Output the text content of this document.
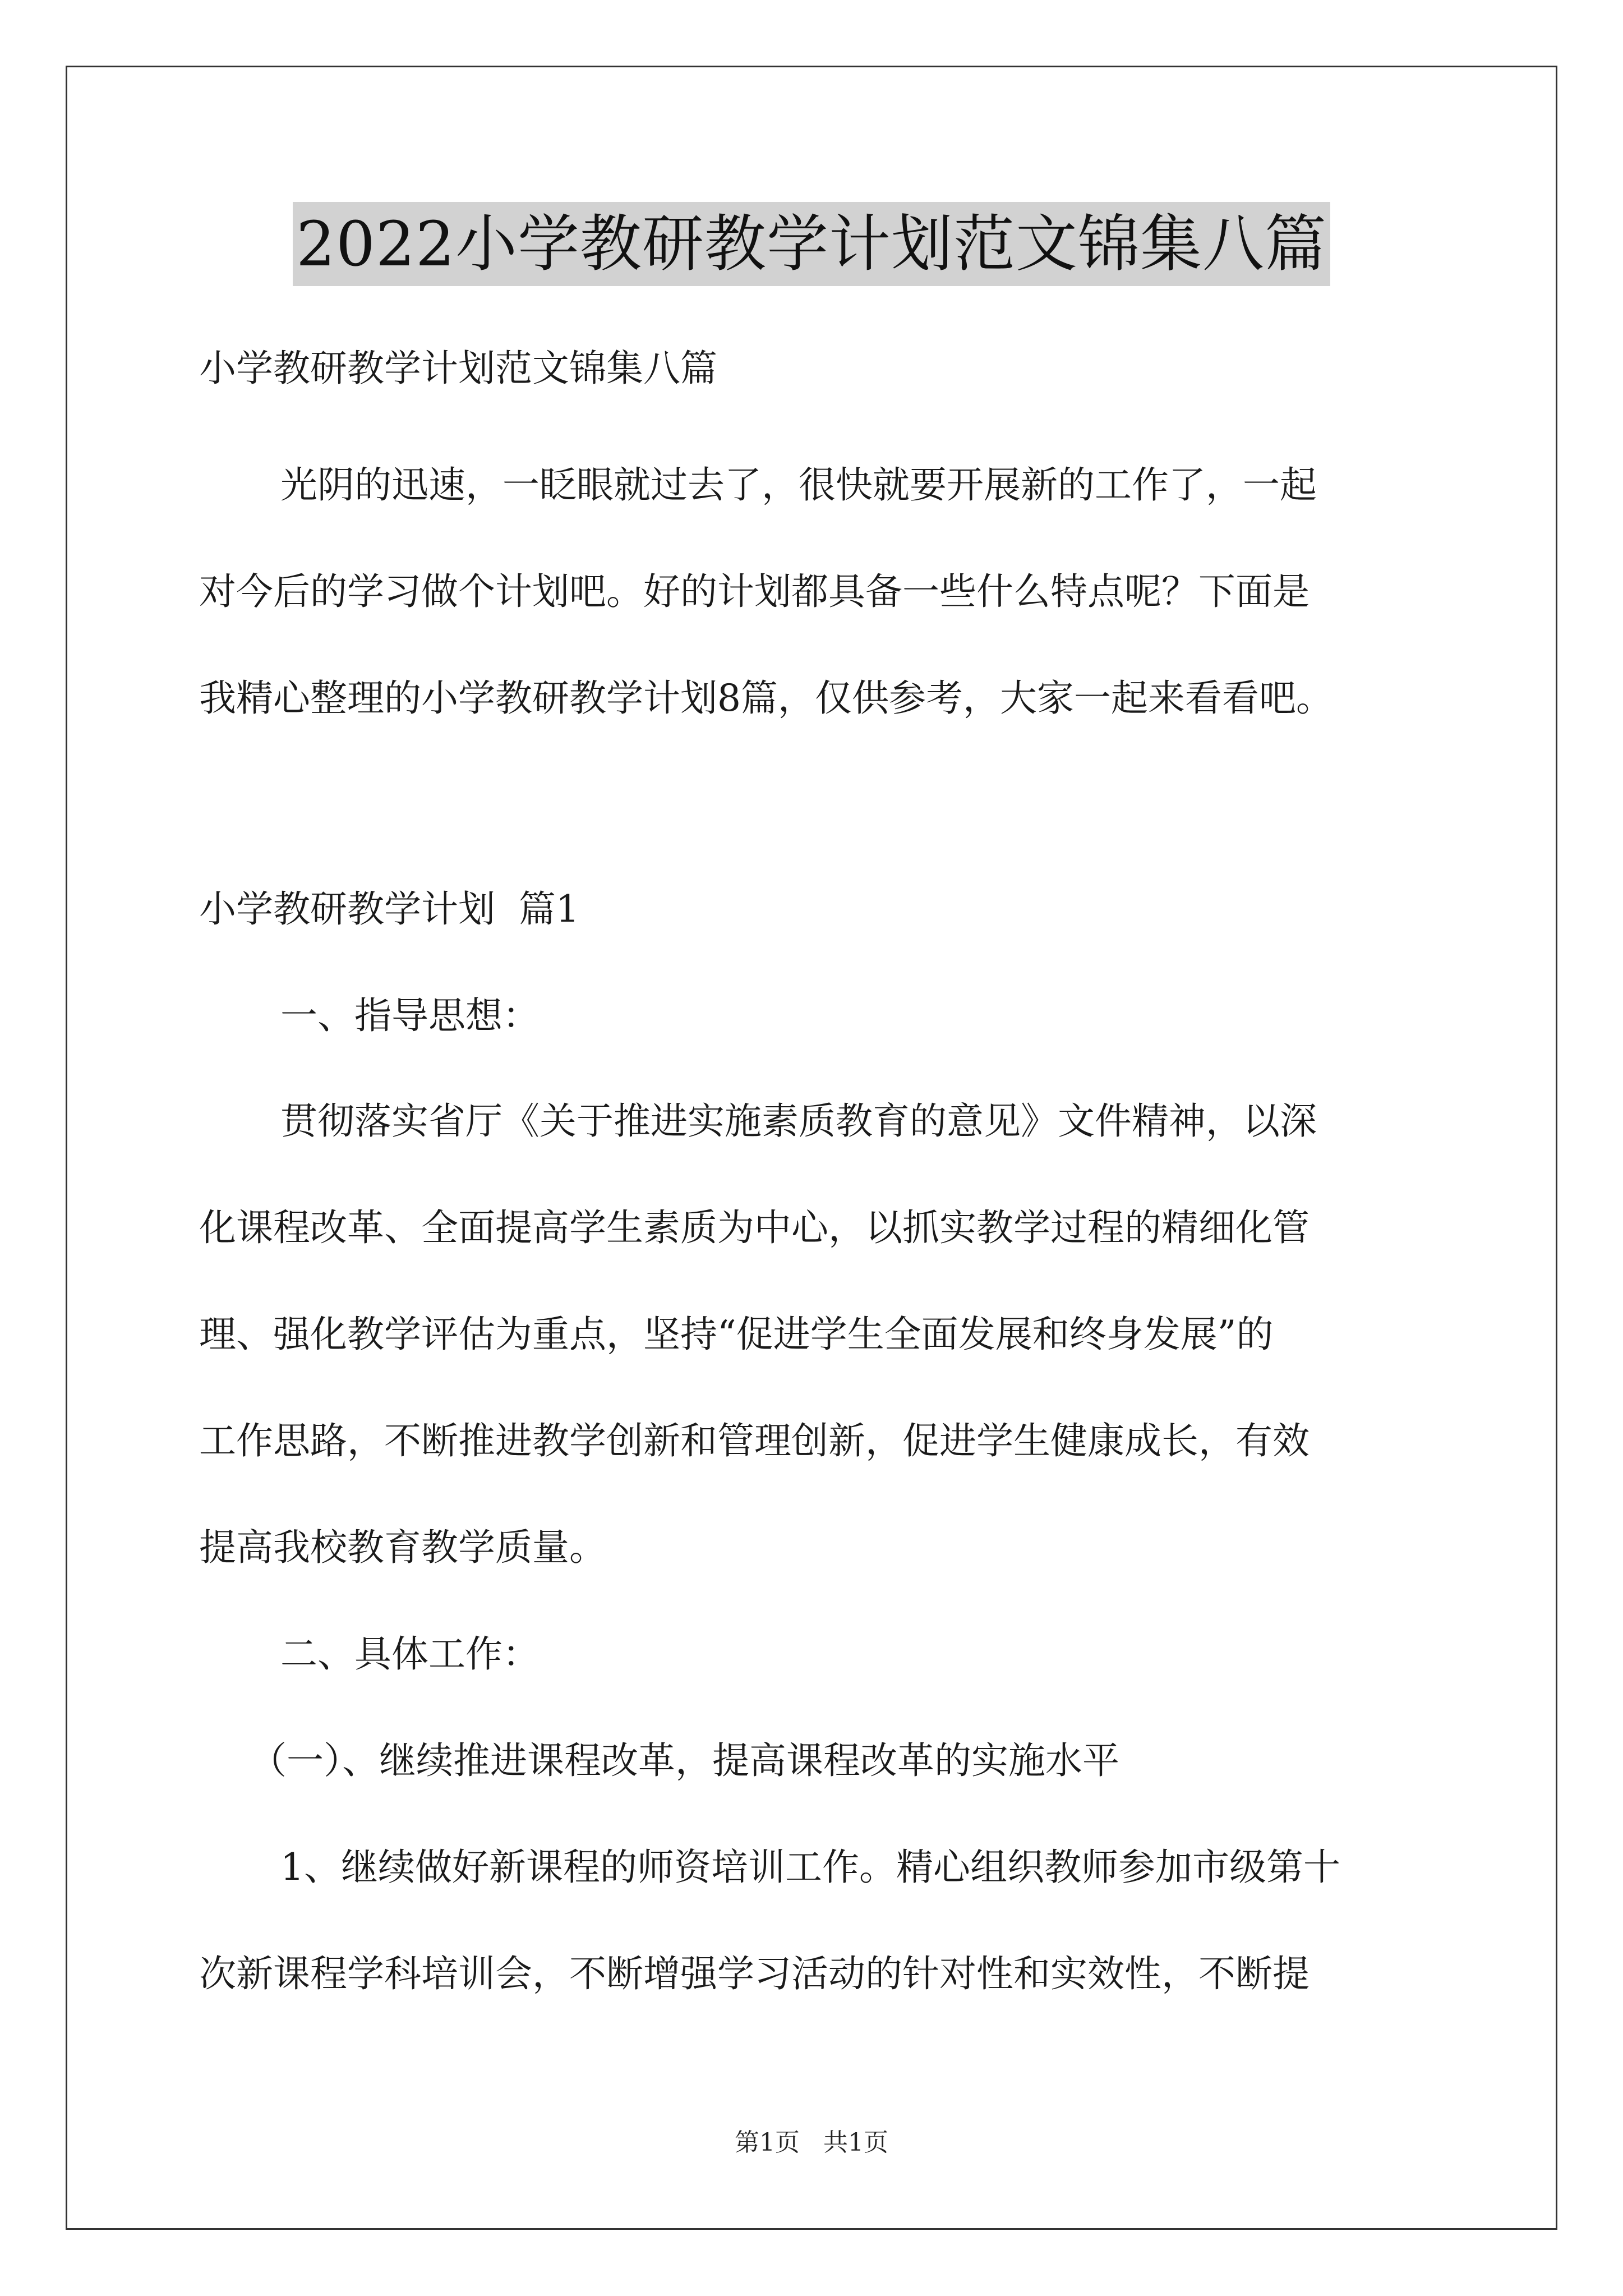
2022小学教研教学计划范文锦集八篇
小学教研教学计划范文锦集八篇
光阴的迅速，一眨眼就过去了，很快就要开展新的工作了，一起
对今后的学习做个计划吧。好的计划都具备一些什么特点呢？下面是
我精心整理的小学教研教学计划8篇，仅供参考，大家一起来看看吧。
小学教研教学计划  篇1
一、指导思想：
贯彻落实省厅《关于推进实施素质教育的意见》文件精神，以深
化课程改革、全面提高学生素质为中心，以抓实教学过程的精细化管
理、强化教学评估为重点，坚持“促进学生全面发展和终身发展”的
工作思路，不断推进教学创新和管理创新，促进学生健康成长，有效
提高我校教育教学质量。
二、具体工作：
（一）、继续推进课程改革，提高课程改革的实施水平
1、继续做好新课程的师资培训工作。精心组织教师参加市级第十
次新课程学科培训会，不断增强学习活动的针对性和实效性，不断提
第1页   共1页
